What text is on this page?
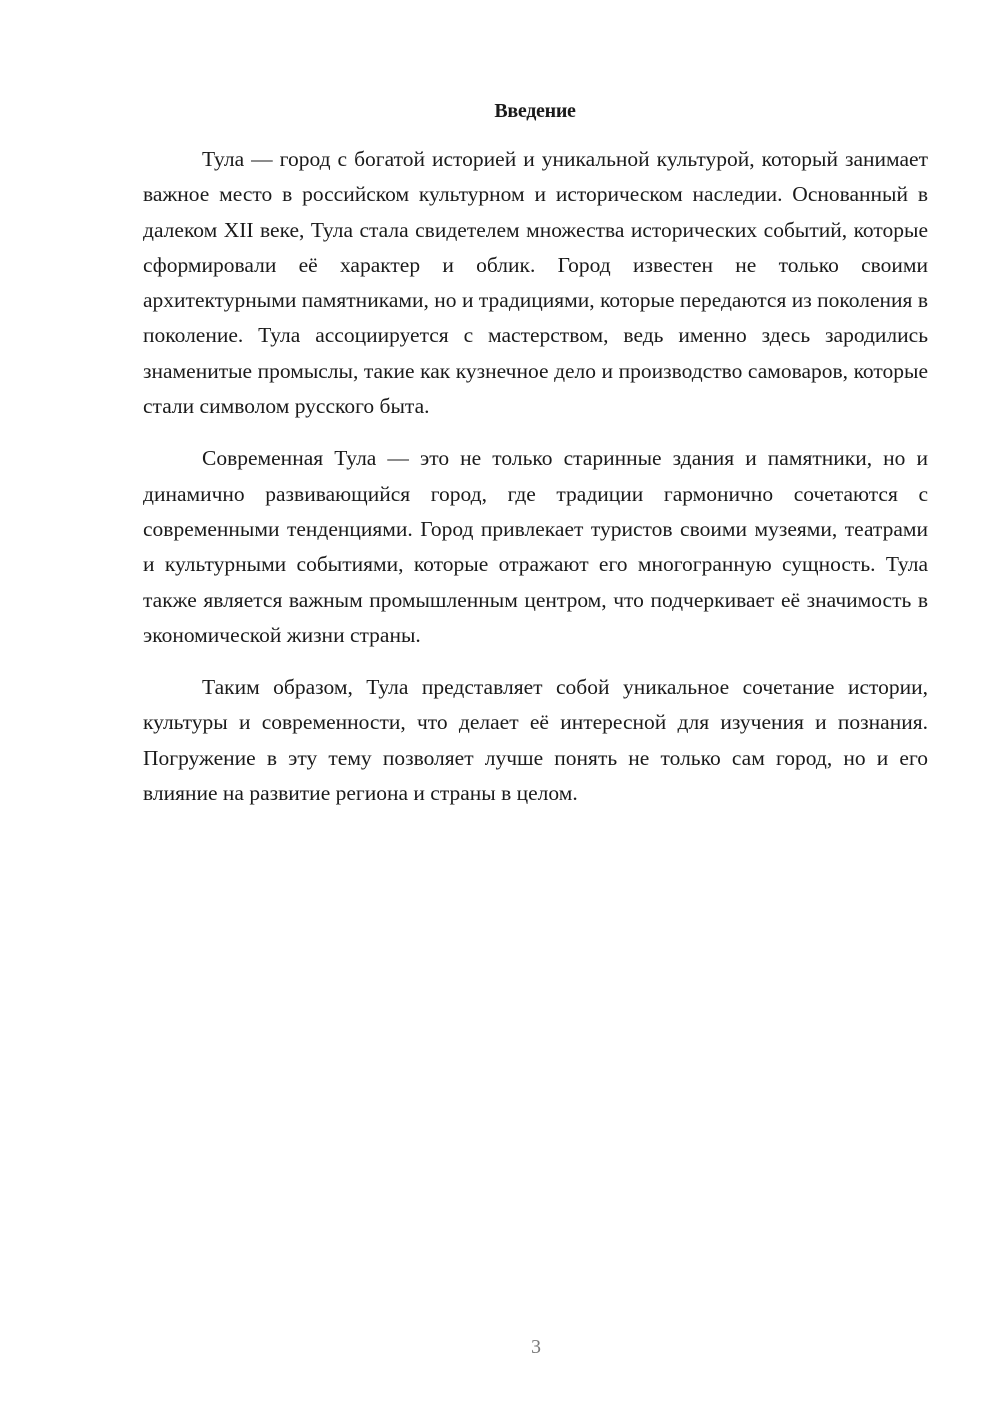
Введение

Тула — город с богатой историей и уникальной культурой, который занимает важное место в российском культурном и историческом наследии. Основанный в далеком XII веке, Тула стала свидетелем множества исторических событий, которые сформировали её характер и облик. Город известен не только своими архитектурными памятниками, но и традициями, которые передаются из поколения в поколение. Тула ассоциируется с мастерством, ведь именно здесь зародились знаменитые промыслы, такие как кузнечное дело и производство самоваров, которые стали символом русского быта.

Современная Тула — это не только старинные здания и памятники, но и динамично развивающийся город, где традиции гармонично сочетаются с современными тенденциями. Город привлекает туристов своими музеями, театрами и культурными событиями, которые отражают его многогранную сущность. Тула также является важным промышленным центром, что подчеркивает её значимость в экономической жизни страны.

Таким образом, Тула представляет собой уникальное сочетание истории, культуры и современности, что делает её интересной для изучения и познания. Погружение в эту тему позволяет лучше понять не только сам город, но и его влияние на развитие региона и страны в целом.

3
